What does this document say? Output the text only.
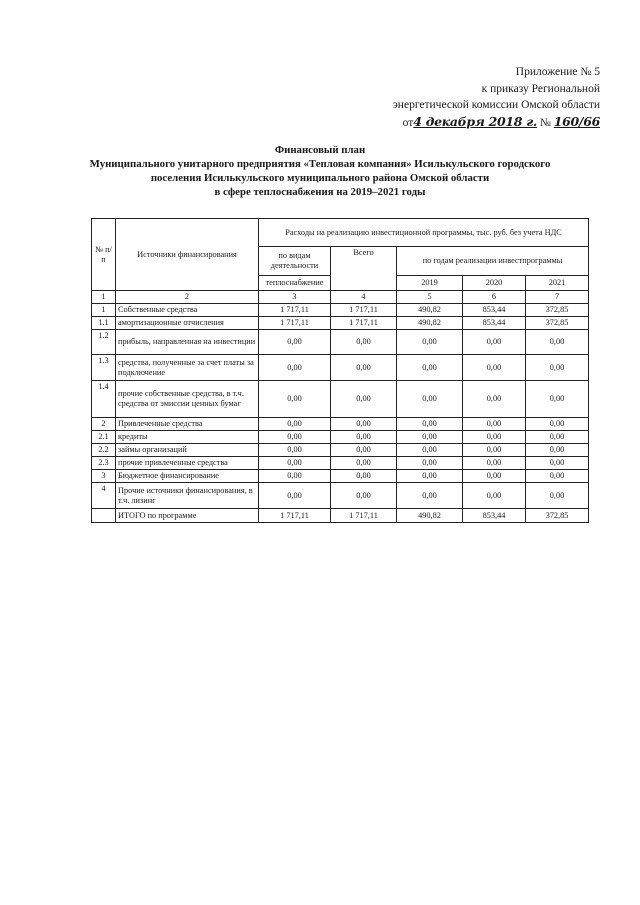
Приложение № 5
к приказу Региональной
энергетической комиссии Омской области
от4 декабря 2018 г. № 160/66
Финансовый план
Муниципального унитарного предприятия «Тепловая компания» Исилькульского городского
поселения Исилькульского муниципального района Омской области
в сфере теплоснабжения на 2019–2021 годы
№ п/п	Источники финансирования	Расходы на реализацию инвестиционной программы, тыс. руб. без учета НДС				
		по видам деятельности	Всего	по годам реализации инвестпрограммы		
		теплоснабжение		2019	2020	2021
1	2	3	4	5	6	7
1	Собственные средства	1 717,11	1 717,11	490,82	853,44	372,85
1.1	амортизационные отчисления	1 717,11	1 717,11	490,82	853,44	372,85
1.2	прибыль, направленная на инвестиции	0,00	0,00	0,00	0,00	0,00
1.3	средства, полученные за счет платы за подключение	0,00	0,00	0,00	0,00	0,00
1.4	прочие собственные средства, в т.ч. средства от эмиссии ценных бумаг	0,00	0,00	0,00	0,00	0,00
2	Привлеченные средства	0,00	0,00	0,00	0,00	0,00
2.1	кредиты	0,00	0,00	0,00	0,00	0,00
2.2	займы организаций	0,00	0,00	0,00	0,00	0,00
2.3	прочие привлеченные средства	0,00	0,00	0,00	0,00	0,00
3	Бюджетное финансирование	0,00	0,00	0,00	0,00	0,00
4	Прочие источники финансирования, в т.ч. лизинг	0,00	0,00	0,00	0,00	0,00
	ИТОГО по программе	1 717,11	1 717,11	490,82	853,44	372,85
